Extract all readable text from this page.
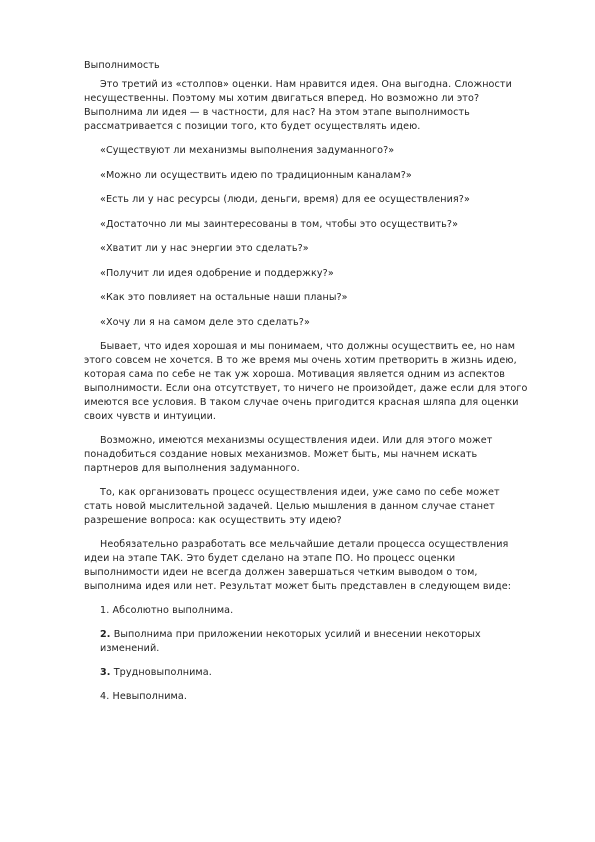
Выполнимость

Это третий из «столпов» оценки. Нам нравится идея. Она выгодна. Сложности несущественны. Поэтому мы хотим двигаться вперед. Но возможно ли это? Выполнима ли идея — в частности, для нас? На этом этапе выполнимость рассматривается с позиции того, кто будет осуществлять идею.

«Существуют ли механизмы выполнения задуманного?»

«Можно ли осуществить идею по традиционным каналам?»

«Есть ли у нас ресурсы (люди, деньги, время) для ее осуществления?»

«Достаточно ли мы заинтересованы в том, чтобы это осуществить?»

«Хватит ли у нас энергии это сделать?»

«Получит ли идея одобрение и поддержку?»

«Как это повлияет на остальные наши планы?»

«Хочу ли я на самом деле это сделать?»

Бывает, что идея хорошая и мы понимаем, что должны осуществить ее, но нам этого совсем не хочется. В то же время мы очень хотим претворить в жизнь идею, которая сама по себе не так уж хороша. Мотивация является одним из аспектов выполнимости. Если она отсутствует, то ничего не произойдет, даже если для этого имеются все условия. В таком случае очень пригодится красная шляпа для оценки своих чувств и интуиции.

Возможно, имеются механизмы осуществления идеи. Или для этого может понадобиться создание новых механизмов. Может быть, мы начнем искать партнеров для выполнения задуманного.

То, как организовать процесс осуществления идеи, уже само по себе может стать новой мыслительной задачей. Целью мышления в данном случае станет разрешение вопроса: как осуществить эту идею?

Необязательно разработать все мельчайшие детали процесса осуществления идеи на этапе ТАК. Это будет сделано на этапе ПО. Но процесс оценки выполнимости идеи не всегда должен завершаться четким выводом о том, выполнима идея или нет. Результат может быть представлен в следующем виде:

1. Абсолютно выполнима.

2. Выполнима при приложении некоторых усилий и внесении некоторых изменений.

3. Трудновыполнима.

4. Невыполнима.
